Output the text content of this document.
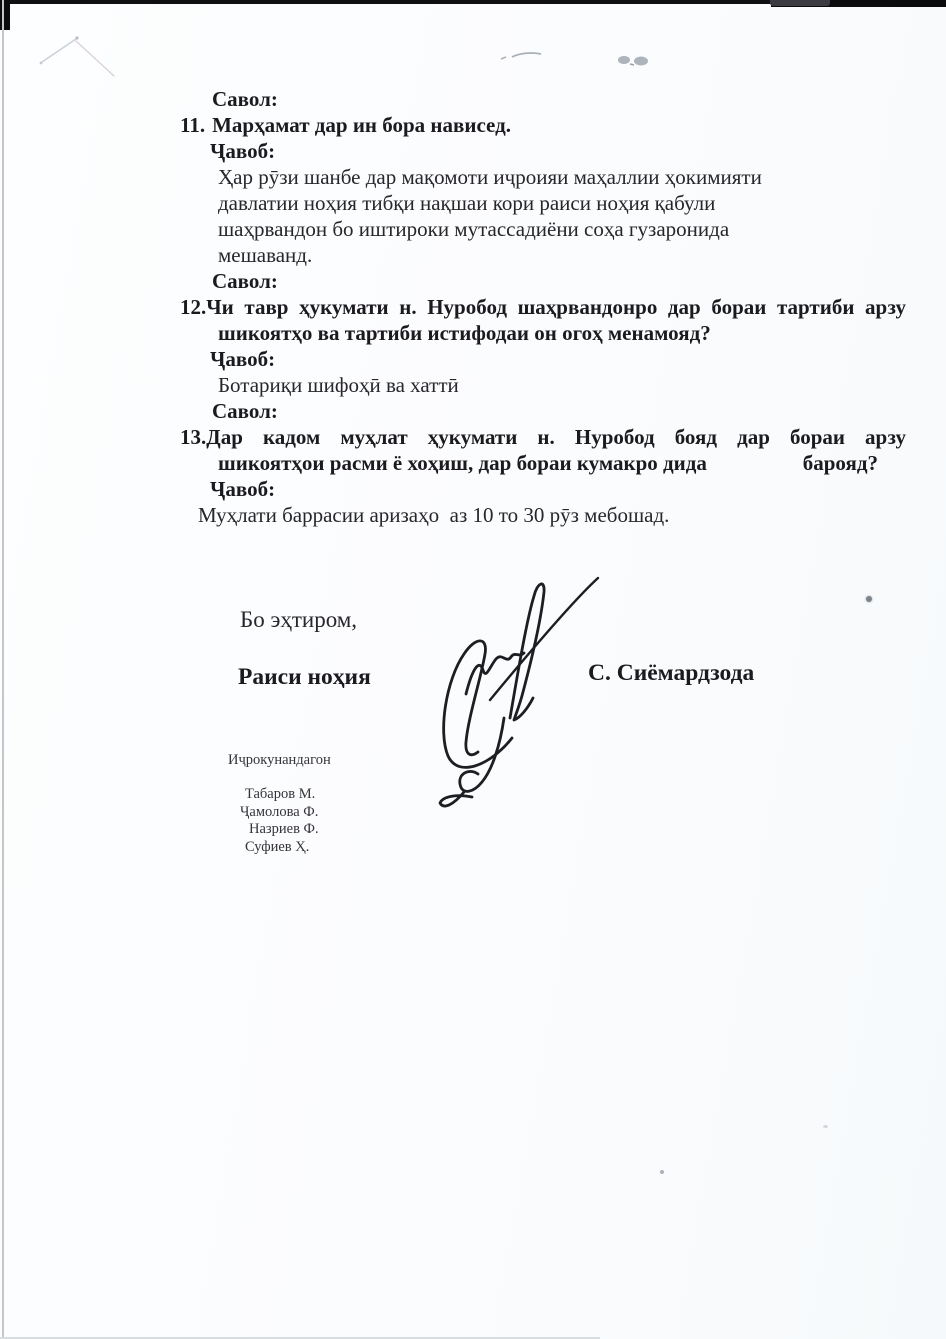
Савол:
11. Марҳамат дар ин бора нависед.
Ҷавоб:
Ҳар рӯзи шанбе дар мақомоти иҷроияи маҳаллии ҳокимияти
давлатии ноҳия тибқи нақшаи кори раиси ноҳия қабули
шаҳрвандон бо иштироки мутассадиёни соҳа гузаронида
мешаванд.
Савол:
12.Чи тавр ҳукумати н. Нуробод шаҳрвандонро дар бораи тартиби арзу
шикоятҳо ва тартиби истифодаи он огоҳ менамояд?
Ҷавоб:
Ботариқи шифоҳӣ ва хаттӣ
Савол:
13.Дар кадом муҳлат ҳукумати н. Нуробод бояд дар бораи арзу
шикоятҳои расми ё хоҳиш, дар бораи кумакро дида	барояд?
Ҷавоб:
Муҳлати баррасии аризаҳо  аз 10 то 30 рӯз мебошад.
Бо эҳтиром,
Раиси ноҳия	С. Сиёмардзода
Иҷрокунандагон
Табаров М.
Ҷамолова Ф.
Назриев Ф.
Суфиев Ҳ.
